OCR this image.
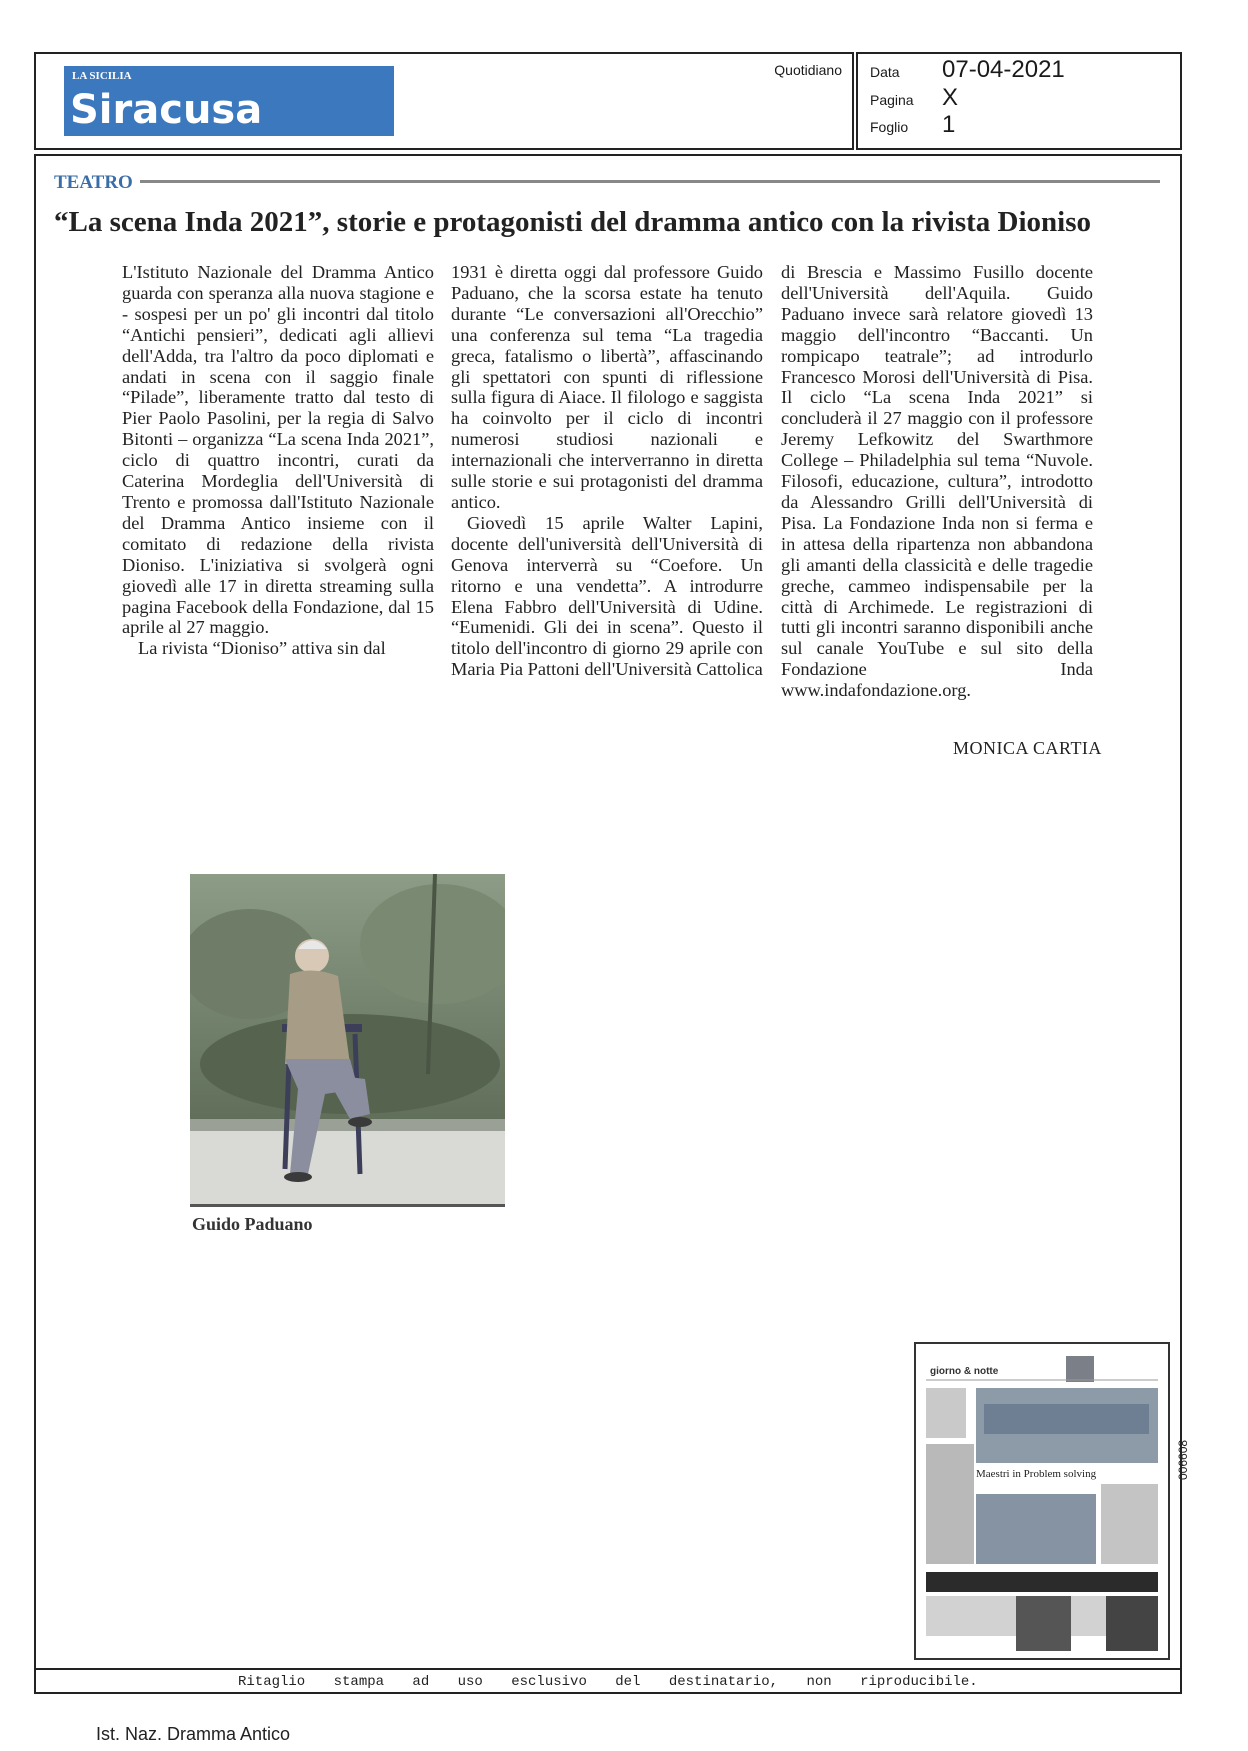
LA SICILIA
Siracusa
Quotidiano Data 07-04-2021
Pagina X
Foglio 1
TEATRO
“La scena Inda 2021”, storie e protagonisti del dramma antico con la rivista Dioniso

L'Istituto Nazionale del Dramma Antico guarda con speranza alla nuova stagione e - sospesi per un po' gli incontri dal titolo “Antichi pensieri”, dedicati agli allievi dell'Adda, tra l'altro da poco diplomati e andati in scena con il saggio finale “Pilade”, liberamente tratto dal testo di Pier Paolo Pasolini, per la regia di Salvo Bitonti – organizza “La scena Inda 2021”, ciclo di quattro incontri, curati da Caterina Mordeglia dell'Università di Trento e promossa dall'Istituto Nazionale del Dramma Antico insieme con il comitato di redazione della rivista Dioniso. L'iniziativa si svolgerà ogni giovedì alle 17 in diretta streaming sulla pagina Facebook della Fondazione, dal 15 aprile al 27 maggio.

La rivista “Dioniso” attiva sin dal

1931 è diretta oggi dal professore Guido Paduano, che la scorsa estate ha tenuto durante “Le conversazioni all'Orecchio” una conferenza sul tema “La tragedia greca, fatalismo o libertà”, affascinando gli spettatori con spunti di riflessione sulla figura di Aiace. Il filologo e saggista ha coinvolto per il ciclo di incontri numerosi studiosi nazionali e internazionali che interverranno in diretta sulle storie e sui protagonisti del dramma antico.

Giovedì 15 aprile Walter Lapini, docente dell'università dell'Università di Genova interverrà su “Coefore. Un ritorno e una vendetta”. A introdurre Elena Fabbro dell'Università di Udine. “Eumenidi. Gli dei in scena”. Questo il titolo dell'incontro di giorno 29 aprile con Maria Pia Pattoni dell'Università Cattolica

di Brescia e Massimo Fusillo docente dell'Università dell'Aquila. Guido Paduano invece sarà relatore giovedì 13 maggio dell'incontro “Baccanti. Un rompicapo teatrale”; ad introdurlo Francesco Morosi dell'Università di Pisa. Il ciclo “La scena Inda 2021” si concluderà il 27 maggio con il professore Jeremy Lefkowitz del Swarthmore College – Philadelphia sul tema “Nuvole. Filosofi, educazione, cultura”, introdotto da Alessandro Grilli dell'Università di Pisa. La Fondazione Inda non si ferma e in attesa della ripartenza non abbandona gli amanti della classicità e delle tragedie greche, cammeo indispensabile per la città di Archimede. Le registrazioni di tutti gli incontri saranno disponibili anche sul canale YouTube e sul sito della Fondazione Inda www.indafondazione.org.

MONICA CARTIA
Guido Paduano
giorno & notte
Maestri in Problem solving	006608
Ritaglio stampa ad uso esclusivo del destinatario, non riproducibile.
Ist. Naz. Dramma Antico
